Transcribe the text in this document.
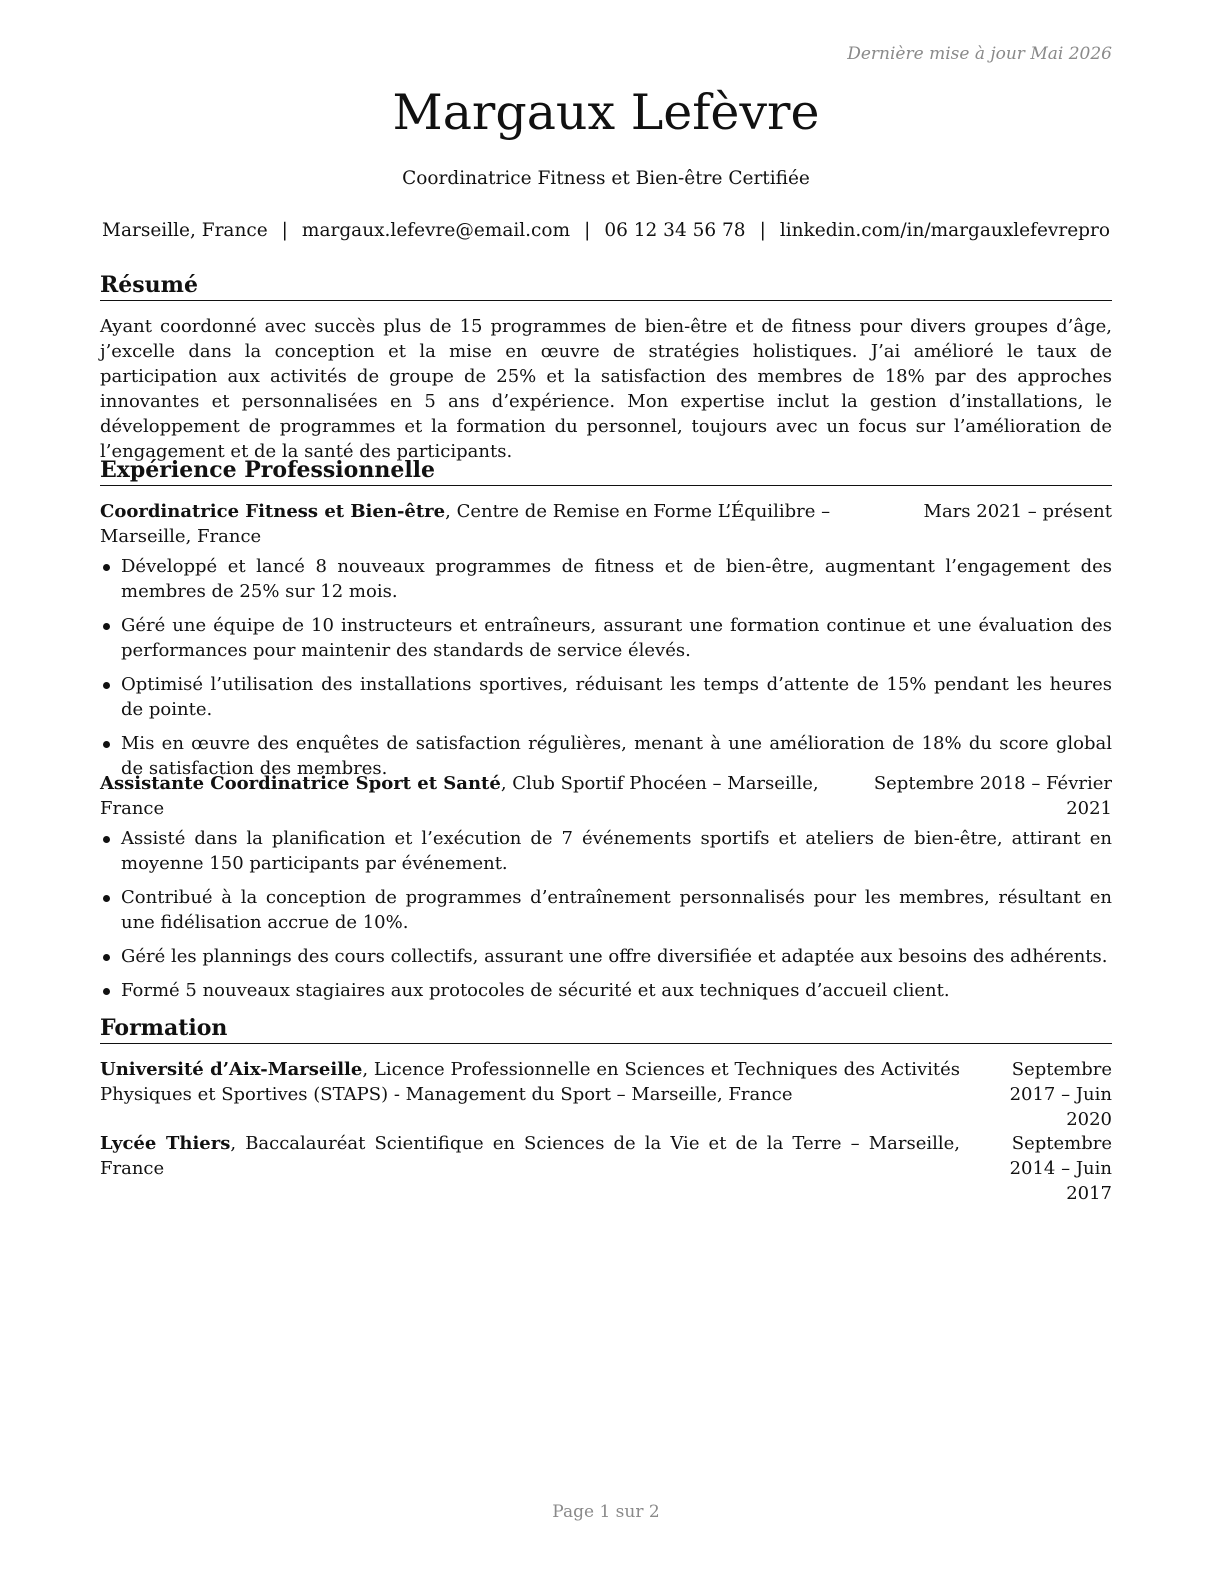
Dernière mise à jour Mai 2026
Margaux Lefèvre
Coordinatrice Fitness et Bien-être Certifiée
Marseille, France | margaux.lefevre@email.com | 06 12 34 56 78 | linkedin.com/in/margauxlefevrepro
Résumé
Ayant coordonné avec succès plus de 15 programmes de bien-être et de fitness pour divers groupes d’âge, j’excelle dans la conception et la mise en œuvre de stratégies holistiques. J’ai amélioré le taux de participation aux activités de groupe de 25% et la satisfaction des membres de 18% par des approches innovantes et personnalisées en 5 ans d’expérience. Mon expertise inclut la gestion d’installations, le développement de programmes et la formation du personnel, toujours avec un focus sur l’amélioration de l’engagement et de la santé des participants.
Expérience Professionnelle
Mars 2021 – présent
Coordinatrice Fitness et Bien-être, Centre de Remise en Forme L’Équilibre – Marseille, France
Développé et lancé 8 nouveaux programmes de fitness et de bien-être, augmentant l’engagement des membres de 25% sur 12 mois.
Géré une équipe de 10 instructeurs et entraîneurs, assurant une formation continue et une évaluation des performances pour maintenir des standards de service élevés.
Optimisé l’utilisation des installations sportives, réduisant les temps d’attente de 15% pendant les heures de pointe.
Mis en œuvre des enquêtes de satisfaction régulières, menant à une amélioration de 18% du score global de satisfaction des membres.
Septembre 2018 – Février 2021
Assistante Coordinatrice Sport et Santé, Club Sportif Phocéen – Marseille, France
Assisté dans la planification et l’exécution de 7 événements sportifs et ateliers de bien-être, attirant en moyenne 150 participants par événement.
Contribué à la conception de programmes d’entraînement personnalisés pour les membres, résultant en une fidélisation accrue de 10%.
Géré les plannings des cours collectifs, assurant une offre diversifiée et adaptée aux besoins des adhérents.
Formé 5 nouveaux stagiaires aux protocoles de sécurité et aux techniques d’accueil client.
Formation
Septembre 2017 – Juin 2020
Université d’Aix-Marseille, Licence Professionnelle en Sciences et Techniques des Activités Physiques et Sportives (STAPS) - Management du Sport – Marseille, France
Septembre 2014 – Juin 2017
Lycée Thiers, Baccalauréat Scientifique en Sciences de la Vie et de la Terre – Marseille, France
Page 1 sur 2
